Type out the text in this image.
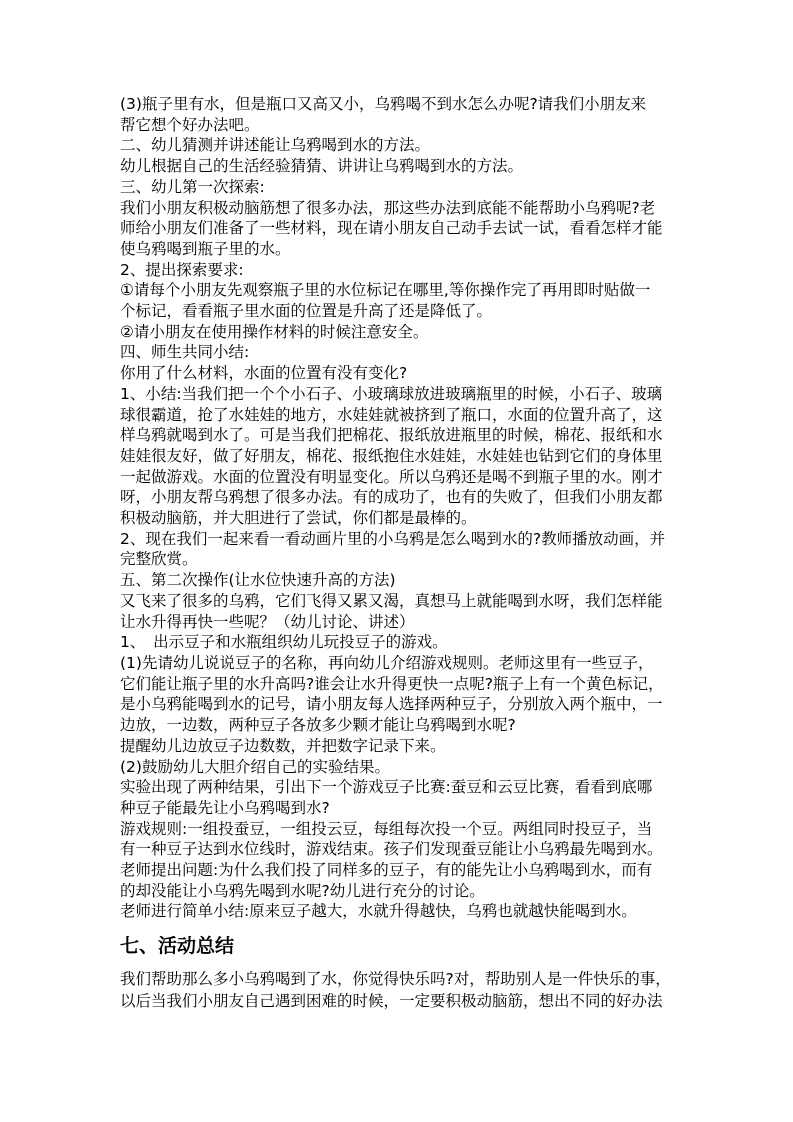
(3)瓶子里有水，但是瓶口又高又小，乌鸦喝不到水怎么办呢?请我们小朋友来
帮它想个好办法吧。
二、幼儿猜测并讲述能让乌鸦喝到水的方法。
幼儿根据自己的生活经验猜猜、讲讲让乌鸦喝到水的方法。
三、幼儿第一次探索:
我们小朋友积极动脑筋想了很多办法，那这些办法到底能不能帮助小乌鸦呢?老
师给小朋友们准备了一些材料，现在请小朋友自己动手去试一试，看看怎样才能
使乌鸦喝到瓶子里的水。
2、提出探索要求:
①请每个小朋友先观察瓶子里的水位标记在哪里,等你操作完了再用即时贴做一
个标记，看看瓶子里水面的位置是升高了还是降低了。
②请小朋友在使用操作材料的时候注意安全。
四、师生共同小结:
你用了什么材料，水面的位置有没有变化?
1、小结:当我们把一个个小石子、小玻璃球放进玻璃瓶里的时候，小石子、玻璃
球很霸道，抢了水娃娃的地方，水娃娃就被挤到了瓶口，水面的位置升高了，这
样乌鸦就喝到水了。可是当我们把棉花、报纸放进瓶里的时候，棉花、报纸和水
娃娃很友好，做了好朋友，棉花、报纸抱住水娃娃，水娃娃也钻到它们的身体里
一起做游戏。水面的位置没有明显变化。所以乌鸦还是喝不到瓶子里的水。刚才
呀，小朋友帮乌鸦想了很多办法。有的成功了，也有的失败了，但我们小朋友都
积极动脑筋，并大胆进行了尝试，你们都是最棒的。
2、现在我们一起来看一看动画片里的小乌鸦是怎么喝到水的?教师播放动画，并
完整欣赏。
五、第二次操作(让水位快速升高的方法)
又飞来了很多的乌鸦，它们飞得又累又渴，真想马上就能喝到水呀，我们怎样能
让水升得再快一些呢？（幼儿讨论、讲述）
1、　出示豆子和水瓶组织幼儿玩投豆子的游戏。
(1)先请幼儿说说豆子的名称，再向幼儿介绍游戏规则。老师这里有一些豆子，
它们能让瓶子里的水升高吗?谁会让水升得更快一点呢?瓶子上有一个黄色标记，
是小乌鸦能喝到水的记号，请小朋友每人选择两种豆子，分别放入两个瓶中，一
边放，一边数，两种豆子各放多少颗才能让乌鸦喝到水呢?
提醒幼儿边放豆子边数数，并把数字记录下来。
(2)鼓励幼儿大胆介绍自己的实验结果。
实验出现了两种结果，引出下一个游戏豆子比赛:蚕豆和云豆比赛，看看到底哪
种豆子能最先让小乌鸦喝到水?
游戏规则:一组投蚕豆，一组投云豆，每组每次投一个豆。两组同时投豆子，当
有一种豆子达到水位线时，游戏结束。孩子们发现蚕豆能让小乌鸦最先喝到水。
老师提出问题:为什么我们投了同样多的豆子，有的能先让小乌鸦喝到水，而有
的却没能让小乌鸦先喝到水呢?幼儿进行充分的讨论。
老师进行简单小结:原来豆子越大，水就升得越快，乌鸦也就越快能喝到水。
七、活动总结
我们帮助那么多小乌鸦喝到了水，你觉得快乐吗?对，帮助别人是一件快乐的事，
以后当我们小朋友自己遇到困难的时候，一定要积极动脑筋，想出不同的好办法
